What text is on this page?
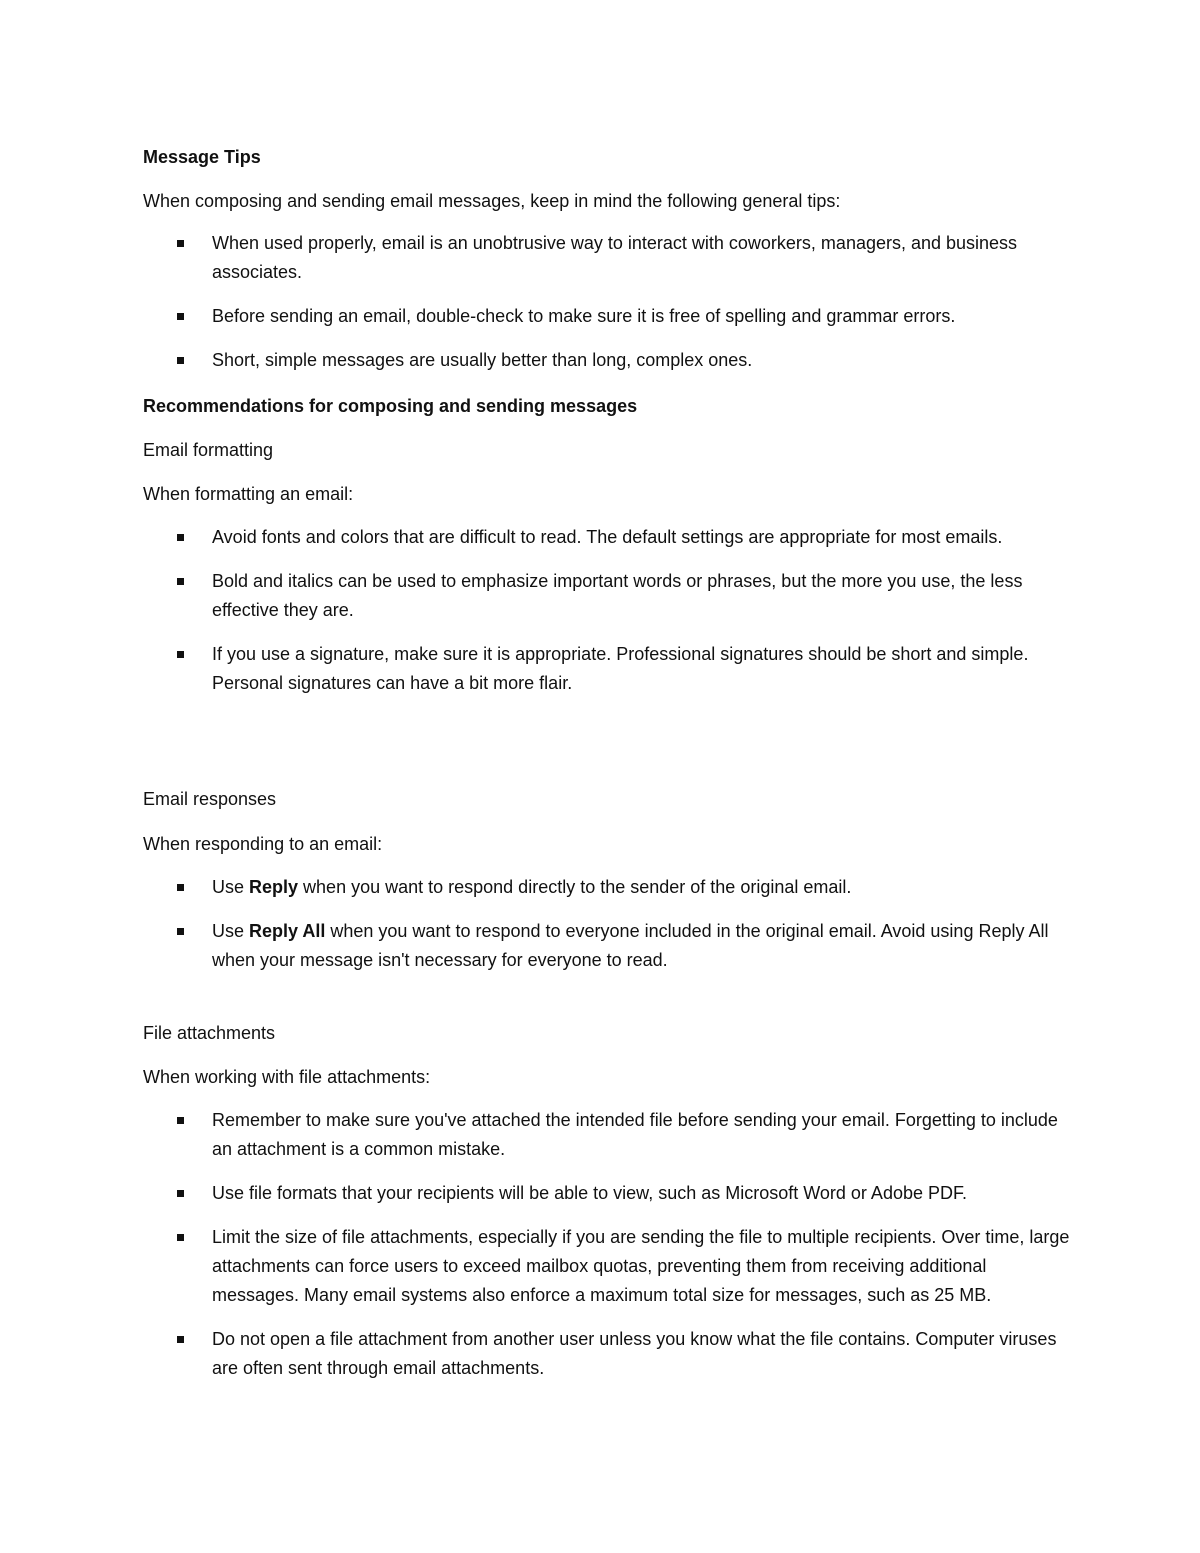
Message Tips
When composing and sending email messages, keep in mind the following general tips:
When used properly, email is an unobtrusive way to interact with coworkers, managers, and business associates.
Before sending an email, double-check to make sure it is free of spelling and grammar errors.
Short, simple messages are usually better than long, complex ones.
Recommendations for composing and sending messages
Email formatting
When formatting an email:
Avoid fonts and colors that are difficult to read. The default settings are appropriate for most emails.
Bold and italics can be used to emphasize important words or phrases, but the more you use, the less effective they are.
If you use a signature, make sure it is appropriate. Professional signatures should be short and simple. Personal signatures can have a bit more flair.
Email responses
When responding to an email:
Use Reply when you want to respond directly to the sender of the original email.
Use Reply All when you want to respond to everyone included in the original email. Avoid using Reply All when your message isn't necessary for everyone to read.
File attachments
When working with file attachments:
Remember to make sure you've attached the intended file before sending your email. Forgetting to include an attachment is a common mistake.
Use file formats that your recipients will be able to view, such as Microsoft Word or Adobe PDF.
Limit the size of file attachments, especially if you are sending the file to multiple recipients. Over time, large attachments can force users to exceed mailbox quotas, preventing them from receiving additional messages. Many email systems also enforce a maximum total size for messages, such as 25 MB.
Do not open a file attachment from another user unless you know what the file contains. Computer viruses are often sent through email attachments.
